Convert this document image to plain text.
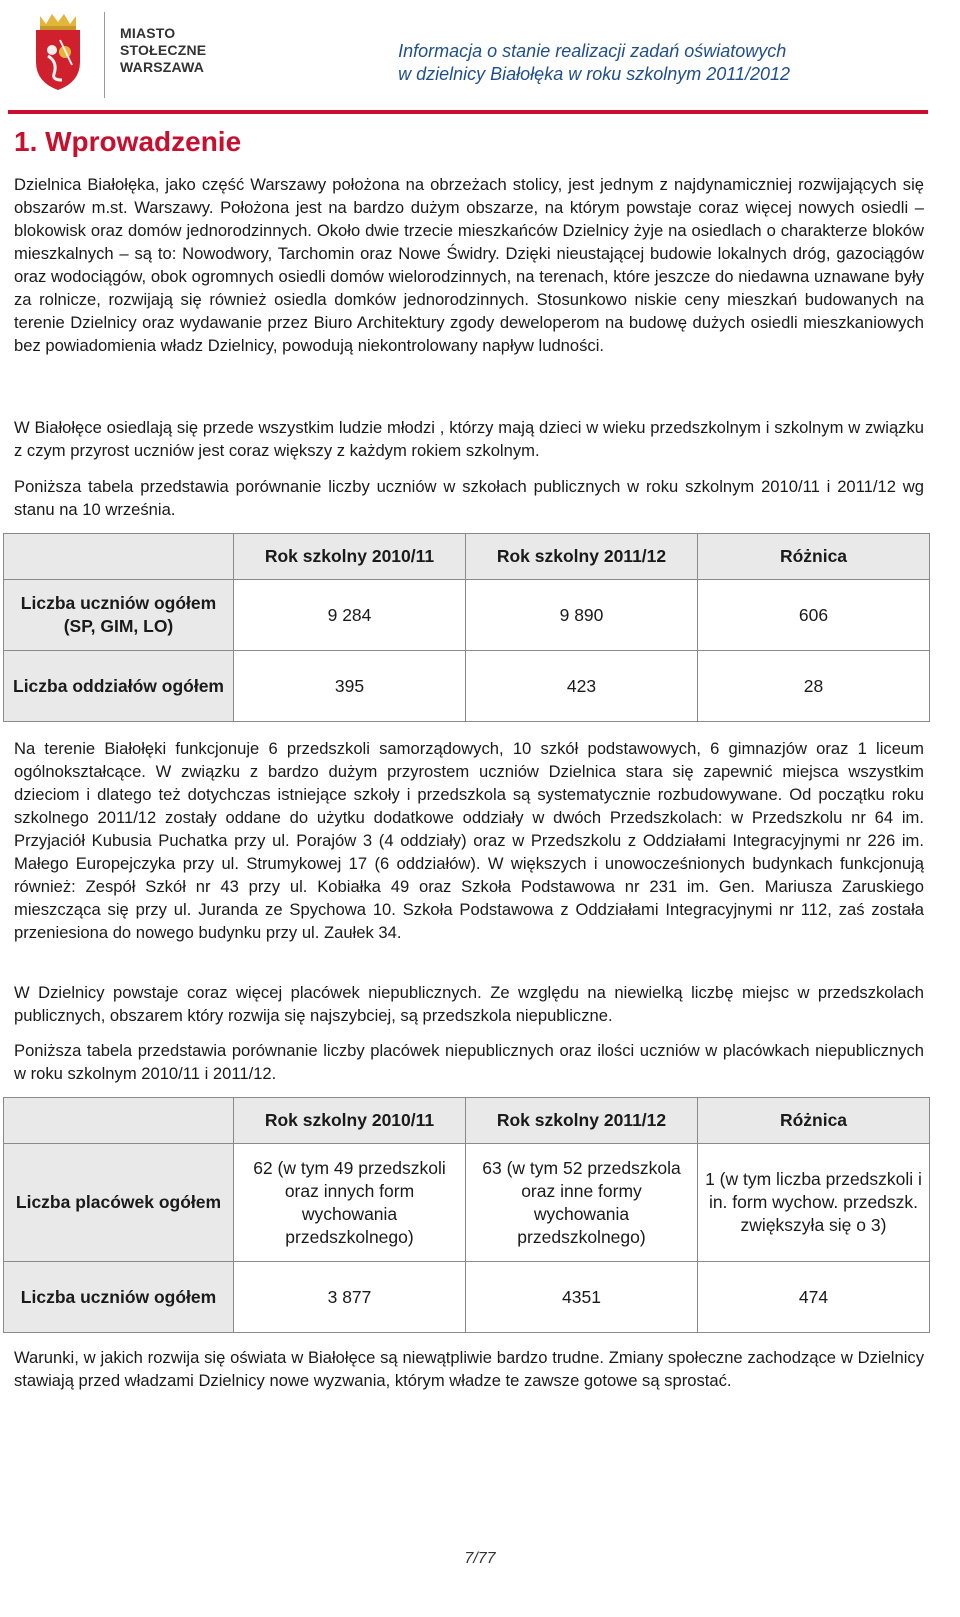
MIASTO
STOŁECZNE
WARSZAWA
Informacja o stanie realizacji zadań oświatowych
w dzielnicy Białołęka w roku szkolnym 2011/2012
1. Wprowadzenie

Dzielnica Białołęka, jako część Warszawy położona na obrzeżach stolicy, jest jednym z najdynamiczniej rozwijających się obszarów m.st. Warszawy. Położona jest na bardzo dużym obszarze, na którym powstaje coraz więcej nowych osiedli – blokowisk oraz domów jednorodzinnych. Około dwie trzecie mieszkańców Dzielnicy żyje na osiedlach o charakterze bloków mieszkalnych – są to: Nowodwory, Tarchomin oraz Nowe Świdry. Dzięki nieustającej budowie lokalnych dróg, gazociągów oraz wodociągów, obok ogromnych osiedli domów wielorodzinnych, na terenach, które jeszcze do niedawna uznawane były za rolnicze, rozwijają się również osiedla domków jednorodzinnych. Stosunkowo niskie ceny mieszkań budowanych na terenie Dzielnicy oraz wydawanie przez Biuro Architektury zgody deweloperom na budowę dużych osiedli mieszkaniowych bez powiadomienia władz Dzielnicy, powodują niekontrolowany napływ ludności.

W Białołęce osiedlają się przede wszystkim ludzie młodzi , którzy mają dzieci w wieku przedszkolnym i szkolnym w związku z czym przyrost uczniów jest coraz większy z każdym rokiem szkolnym.

Poniższa tabela przedstawia porównanie liczby uczniów w szkołach publicznych w roku szkolnym 2010/11 i 2011/12 wg stanu na 10 września.

	Rok szkolny 2010/11	Rok szkolny 2011/12	Różnica
Liczba uczniów ogółem (SP, GIM, LO)	9 284	9 890	606
Liczba oddziałów ogółem	395	423	28

Na terenie Białołęki funkcjonuje 6 przedszkoli samorządowych, 10 szkół podstawowych, 6 gimnazjów oraz 1 liceum ogólnokształcące. W związku z bardzo dużym przyrostem uczniów Dzielnica stara się zapewnić miejsca wszystkim dzieciom i dlatego też dotychczas istniejące szkoły i przedszkola są systematycznie rozbudowywane. Od początku roku szkolnego 2011/12 zostały oddane do użytku dodatkowe oddziały w dwóch Przedszkolach: w Przedszkolu nr 64 im. Przyjaciół Kubusia Puchatka przy ul. Porajów 3 (4 oddziały) oraz w Przedszkolu z Oddziałami Integracyjnymi nr 226 im. Małego Europejczyka przy ul. Strumykowej 17 (6 oddziałów). W większych i unowocześnionych budynkach funkcjonują również: Zespół Szkół nr 43 przy ul. Kobiałka 49 oraz Szkoła Podstawowa nr 231 im. Gen. Mariusza Zaruskiego mieszcząca się przy ul. Juranda ze Spychowa 10. Szkoła Podstawowa z Oddziałami Integracyjnymi nr 112, zaś została przeniesiona do nowego budynku przy ul. Zaułek 34.

W Dzielnicy powstaje coraz więcej placówek niepublicznych. Ze względu na niewielką liczbę miejsc w przedszkolach publicznych, obszarem który rozwija się najszybciej, są przedszkola niepubliczne.

Poniższa tabela przedstawia porównanie liczby placówek niepublicznych oraz ilości uczniów w placówkach niepublicznych w roku szkolnym 2010/11 i 2011/12.

	Rok szkolny 2010/11	Rok szkolny 2011/12	Różnica
Liczba placówek ogółem	62 (w tym 49 przedszkoli oraz innych form wychowania przedszkolnego)	63 (w tym 52 przedszkola oraz inne formy wychowania przedszkolnego)	1 (w tym liczba przedszkoli i in. form wychow. przedszk. zwiększyła się o 3)
Liczba uczniów ogółem	3 877	4351	474

Warunki, w jakich rozwija się oświata w Białołęce są niewątpliwie bardzo trudne. Zmiany społeczne zachodzące w Dzielnicy stawiają przed władzami Dzielnicy nowe wyzwania, którym władze te zawsze gotowe są sprostać.

7/77
